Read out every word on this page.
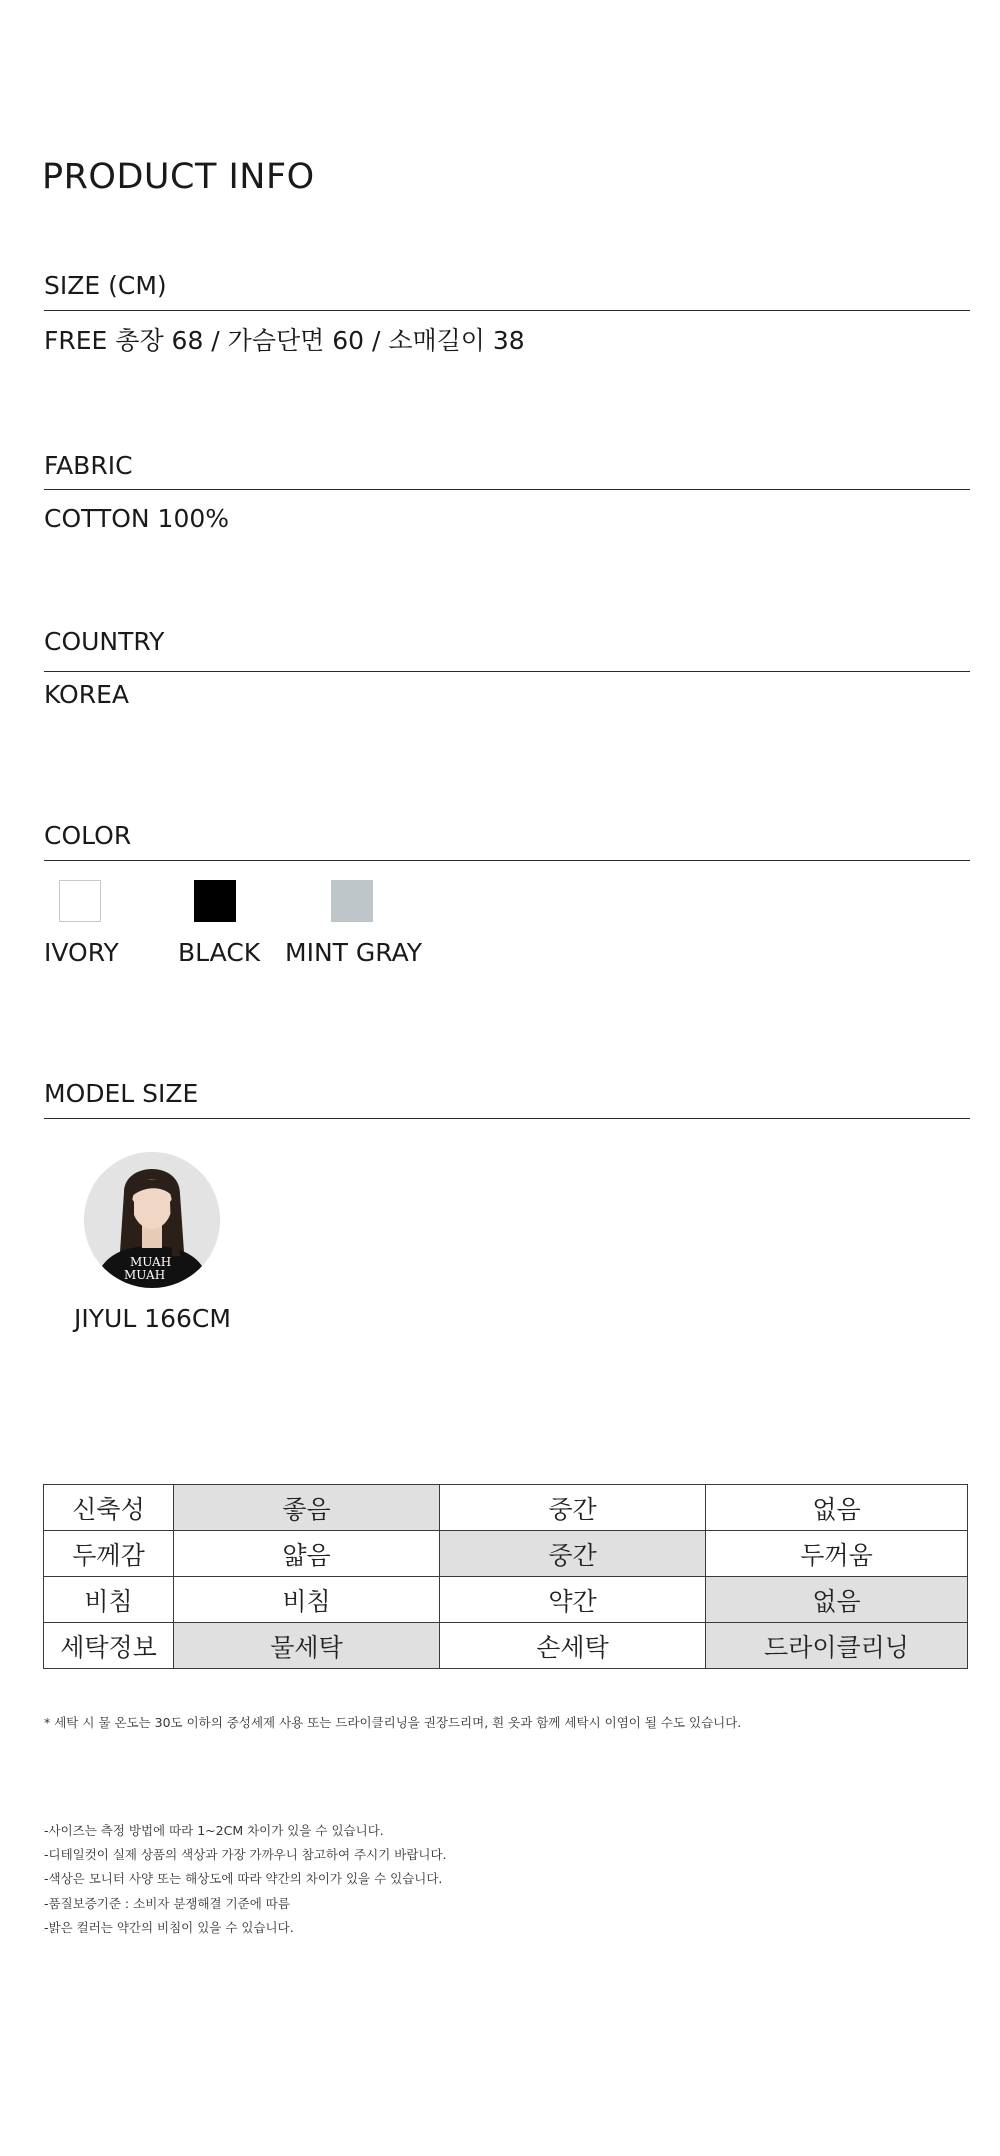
PRODUCT INFO
SIZE (CM)
FREE 총장 68 / 가슴단면 60 / 소매길이 38
FABRIC
COTTON 100%
COUNTRY
KOREA
COLOR
IVORY BLACK MINT GRAY
MODEL SIZE
MUAH
MUAH
JIYUL 166CM
신축성	좋음	중간	없음
두께감	얇음	중간	두꺼움
비침	비침	약간	없음
세탁정보	물세탁	손세탁	드라이클리닝
* 세탁 시 물 온도는 30도 이하의 중성세제 사용 또는 드라이클리닝을 권장드리며, 흰 옷과 함께 세탁시 이염이 될 수도 있습니다.
-사이즈는 측정 방법에 따라 1~2CM 차이가 있을 수 있습니다.
-디테일컷이 실제 상품의 색상과 가장 가까우니 참고하여 주시기 바랍니다.
-색상은 모니터 사양 또는 해상도에 따라 약간의 차이가 있을 수 있습니다.
-품질보증기준 : 소비자 분쟁해결 기준에 따름
-밝은 컬러는 약간의 비침이 있을 수 있습니다.
